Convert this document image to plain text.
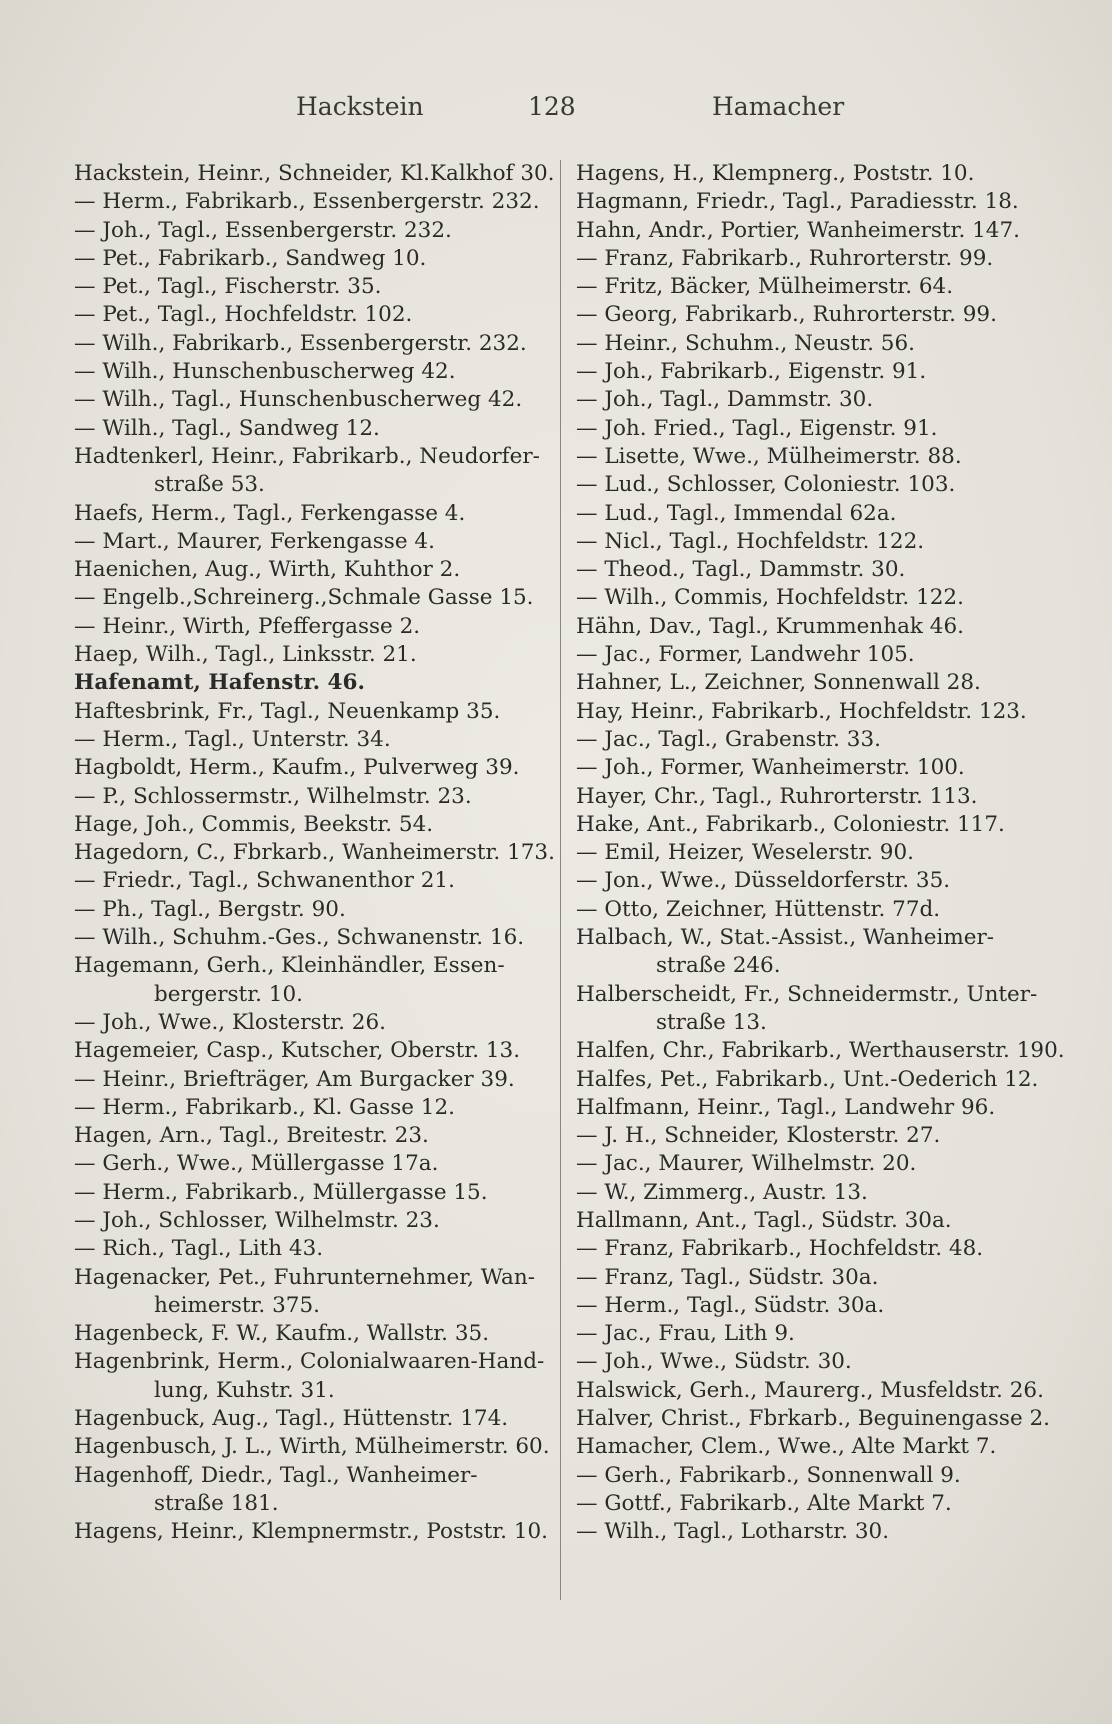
Hackstein	128	Hamacher
Hackstein, Heinr., Schneider, Kl.Kalkhof 30.
— Herm., Fabrikarb., Essenbergerstr. 232.
— Joh., Tagl., Essenbergerstr. 232.
— Pet., Fabrikarb., Sandweg 10.
— Pet., Tagl., Fischerstr. 35.
— Pet., Tagl., Hochfeldstr. 102.
— Wilh., Fabrikarb., Essenbergerstr. 232.
— Wilh., Hunschenbuscherweg 42.
— Wilh., Tagl., Hunschenbuscherweg 42.
— Wilh., Tagl., Sandweg 12.
Hadtenkerl, Heinr., Fabrikarb., Neudorfer-
straße 53.
Haefs, Herm., Tagl., Ferkengasse 4.
— Mart., Maurer, Ferkengasse 4.
Haenichen, Aug., Wirth, Kuhthor 2.
— Engelb.,Schreinerg.,Schmale Gasse 15.
— Heinr., Wirth, Pfeffergasse 2.
Haep, Wilh., Tagl., Linksstr. 21.
Hafenamt, Hafenstr. 46.
Haftesbrink, Fr., Tagl., Neuenkamp 35.
— Herm., Tagl., Unterstr. 34.
Hagboldt, Herm., Kaufm., Pulverweg 39.
— P., Schlossermstr., Wilhelmstr. 23.
Hage, Joh., Commis, Beekstr. 54.
Hagedorn, C., Fbrkarb., Wanheimerstr. 173.
— Friedr., Tagl., Schwanenthor 21.
— Ph., Tagl., Bergstr. 90.
— Wilh., Schuhm.-Ges., Schwanenstr. 16.
Hagemann, Gerh., Kleinhändler, Essen-
bergerstr. 10.
— Joh., Wwe., Klosterstr. 26.
Hagemeier, Casp., Kutscher, Oberstr. 13.
— Heinr., Briefträger, Am Burgacker 39.
— Herm., Fabrikarb., Kl. Gasse 12.
Hagen, Arn., Tagl., Breitestr. 23.
— Gerh., Wwe., Müllergasse 17a.
— Herm., Fabrikarb., Müllergasse 15.
— Joh., Schlosser, Wilhelmstr. 23.
— Rich., Tagl., Lith 43.
Hagenacker, Pet., Fuhrunternehmer, Wan-
heimerstr. 375.
Hagenbeck, F. W., Kaufm., Wallstr. 35.
Hagenbrink, Herm., Colonialwaaren-Hand-
lung, Kuhstr. 31.
Hagenbuck, Aug., Tagl., Hüttenstr. 174.
Hagenbusch, J. L., Wirth, Mülheimerstr. 60.
Hagenhoff, Diedr., Tagl., Wanheimer-
straße 181.
Hagens, Heinr., Klempnermstr., Poststr. 10.
Hagens, H., Klempnerg., Poststr. 10.
Hagmann, Friedr., Tagl., Paradiesstr. 18.
Hahn, Andr., Portier, Wanheimerstr. 147.
— Franz, Fabrikarb., Ruhrorterstr. 99.
— Fritz, Bäcker, Mülheimerstr. 64.
— Georg, Fabrikarb., Ruhrorterstr. 99.
— Heinr., Schuhm., Neustr. 56.
— Joh., Fabrikarb., Eigenstr. 91.
— Joh., Tagl., Dammstr. 30.
— Joh. Fried., Tagl., Eigenstr. 91.
— Lisette, Wwe., Mülheimerstr. 88.
— Lud., Schlosser, Coloniestr. 103.
— Lud., Tagl., Immendal 62a.
— Nicl., Tagl., Hochfeldstr. 122.
— Theod., Tagl., Dammstr. 30.
— Wilh., Commis, Hochfeldstr. 122.
Hähn, Dav., Tagl., Krummenhak 46.
— Jac., Former, Landwehr 105.
Hahner, L., Zeichner, Sonnenwall 28.
Hay, Heinr., Fabrikarb., Hochfeldstr. 123.
— Jac., Tagl., Grabenstr. 33.
— Joh., Former, Wanheimerstr. 100.
Hayer, Chr., Tagl., Ruhrorterstr. 113.
Hake, Ant., Fabrikarb., Coloniestr. 117.
— Emil, Heizer, Weselerstr. 90.
— Jon., Wwe., Düsseldorferstr. 35.
— Otto, Zeichner, Hüttenstr. 77d.
Halbach, W., Stat.-Assist., Wanheimer-
straße 246.
Halberscheidt, Fr., Schneidermstr., Unter-
straße 13.
Halfen, Chr., Fabrikarb., Werthauserstr. 190.
Halfes, Pet., Fabrikarb., Unt.-Oederich 12.
Halfmann, Heinr., Tagl., Landwehr 96.
— J. H., Schneider, Klosterstr. 27.
— Jac., Maurer, Wilhelmstr. 20.
— W., Zimmerg., Austr. 13.
Hallmann, Ant., Tagl., Südstr. 30a.
— Franz, Fabrikarb., Hochfeldstr. 48.
— Franz, Tagl., Südstr. 30a.
— Herm., Tagl., Südstr. 30a.
— Jac., Frau, Lith 9.
— Joh., Wwe., Südstr. 30.
Halswick, Gerh., Maurerg., Musfeldstr. 26.
Halver, Christ., Fbrkarb., Beguinengasse 2.
Hamacher, Clem., Wwe., Alte Markt 7.
— Gerh., Fabrikarb., Sonnenwall 9.
— Gottf., Fabrikarb., Alte Markt 7.
— Wilh., Tagl., Lotharstr. 30.
